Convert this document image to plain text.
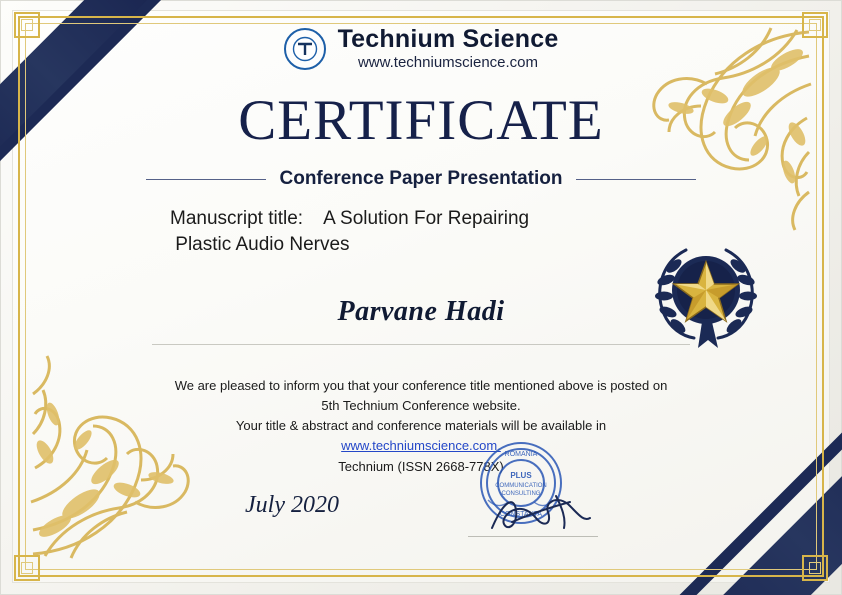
Technium Science
www.techniumscience.com
CERTIFICATE
Conference Paper Presentation
Manuscript title: A Solution For Repairing
Plastic Audio Nerves
Parvane Hadi
We are pleased to inform you that your conference title mentioned above is posted on
5th Technium Conference website.
Your title & abstract and conference materials will be available in
www.techniumscience.com.
Technium (ISSN 2668-778X)
July 2020
ROMANIA
PLUS
COMMUNICATION
CONSULTING
CONSTANTA
